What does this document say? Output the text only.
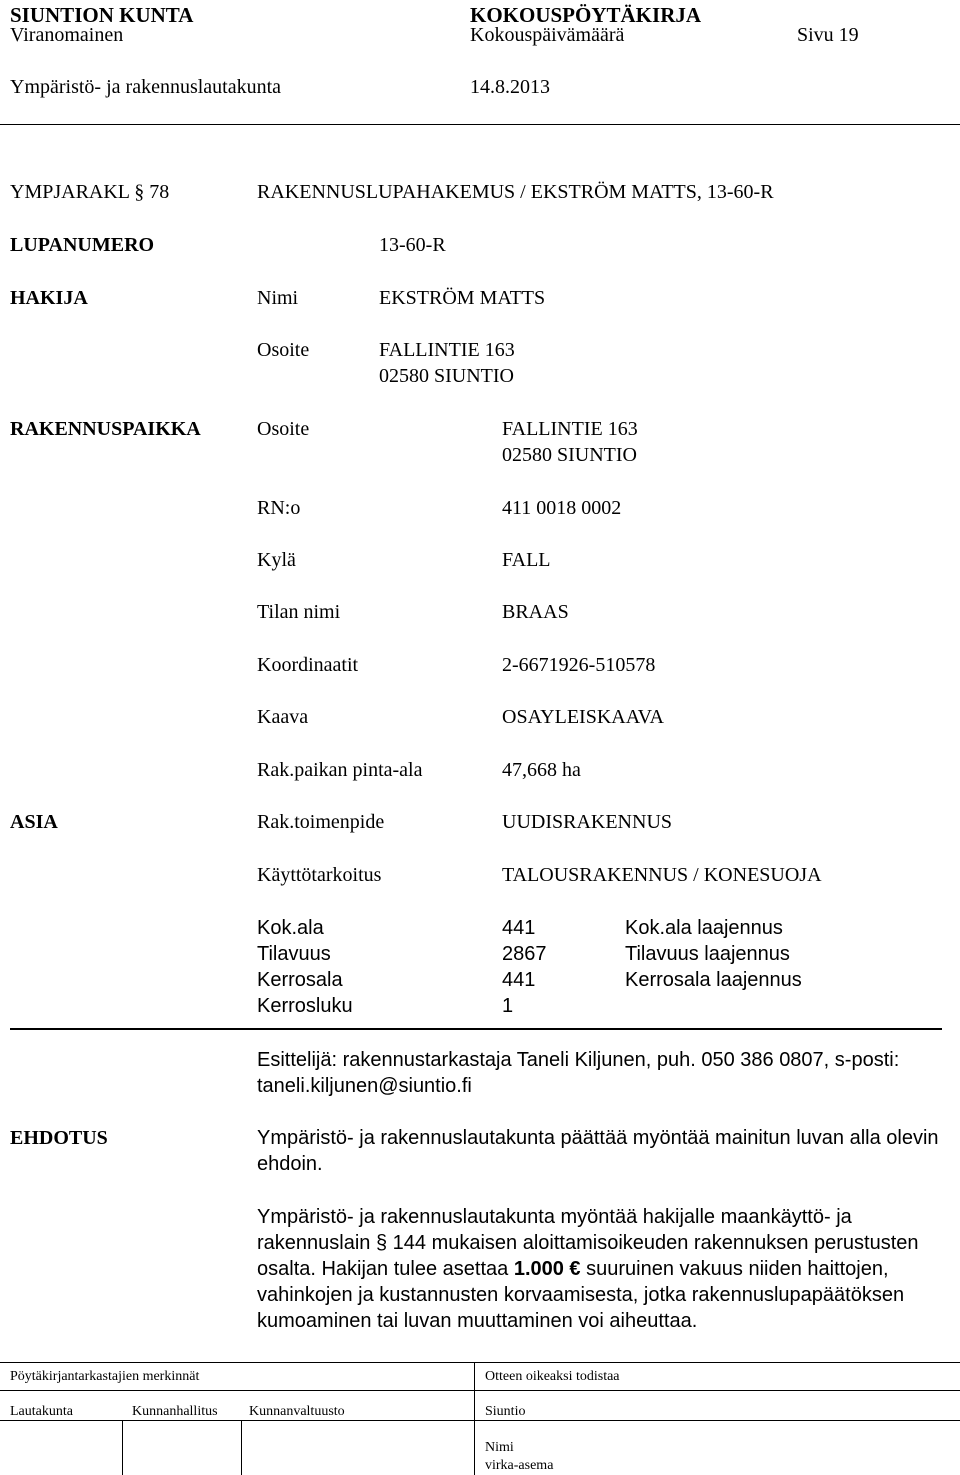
SIUNTION KUNTA	KOKOUSPÖYTÄKIRJA
Viranomainen	Kokouspäivämäärä	Sivu 19
Ympäristö- ja rakennuslautakunta	14.8.2013
YMPJARAKL § 78	RAKENNUSLUPAHAKEMUS / EKSTRÖM MATTS, 13-60-R
LUPANUMERO	13-60-R
HAKIJA	Nimi	EKSTRÖM MATTS
Osoite	FALLINTIE 163
02580 SIUNTIO
RAKENNUSPAIKKA	Osoite	FALLINTIE 163
02580 SIUNTIO
RN:o	411 0018 0002
Kylä	FALL
Tilan nimi	BRAAS
Koordinaatit	2-6671926-510578
Kaava	OSAYLEISKAAVA
Rak.paikan pinta-ala	47,668 ha
ASIA	Rak.toimenpide	UUDISRAKENNUS
Käyttötarkoitus	TALOUSRAKENNUS / KONESUOJA
Kok.ala	441	Kok.ala laajennus
Tilavuus	2867	Tilavuus laajennus
Kerrosala	441	Kerrosala laajennus
Kerrosluku	1
Esittelijä: rakennustarkastaja Taneli Kiljunen, puh. 050 386 0807, s-posti: taneli.kiljunen@siuntio.fi
EHDOTUS	Ympäristö- ja rakennuslautakunta päättää myöntää mainitun luvan alla olevin ehdoin.
Ympäristö- ja rakennuslautakunta myöntää hakijalle maankäyttö- ja rakennuslain § 144 mukaisen aloittamisoikeuden rakennuksen perustusten osalta. Hakijan tulee asettaa 1.000 € suuruinen vakuus niiden haittojen, vahinkojen ja kustannusten korvaamisesta, jotka rakennuslupapäätöksen kumoaminen tai luvan muuttaminen voi aiheuttaa.
Pöytäkirjantarkastajien merkinnät	Otteen oikeaksi todistaa
Lautakunta	Kunnanhallitus Kunnanvaltuusto	Siuntio
Nimi
virka-asema
